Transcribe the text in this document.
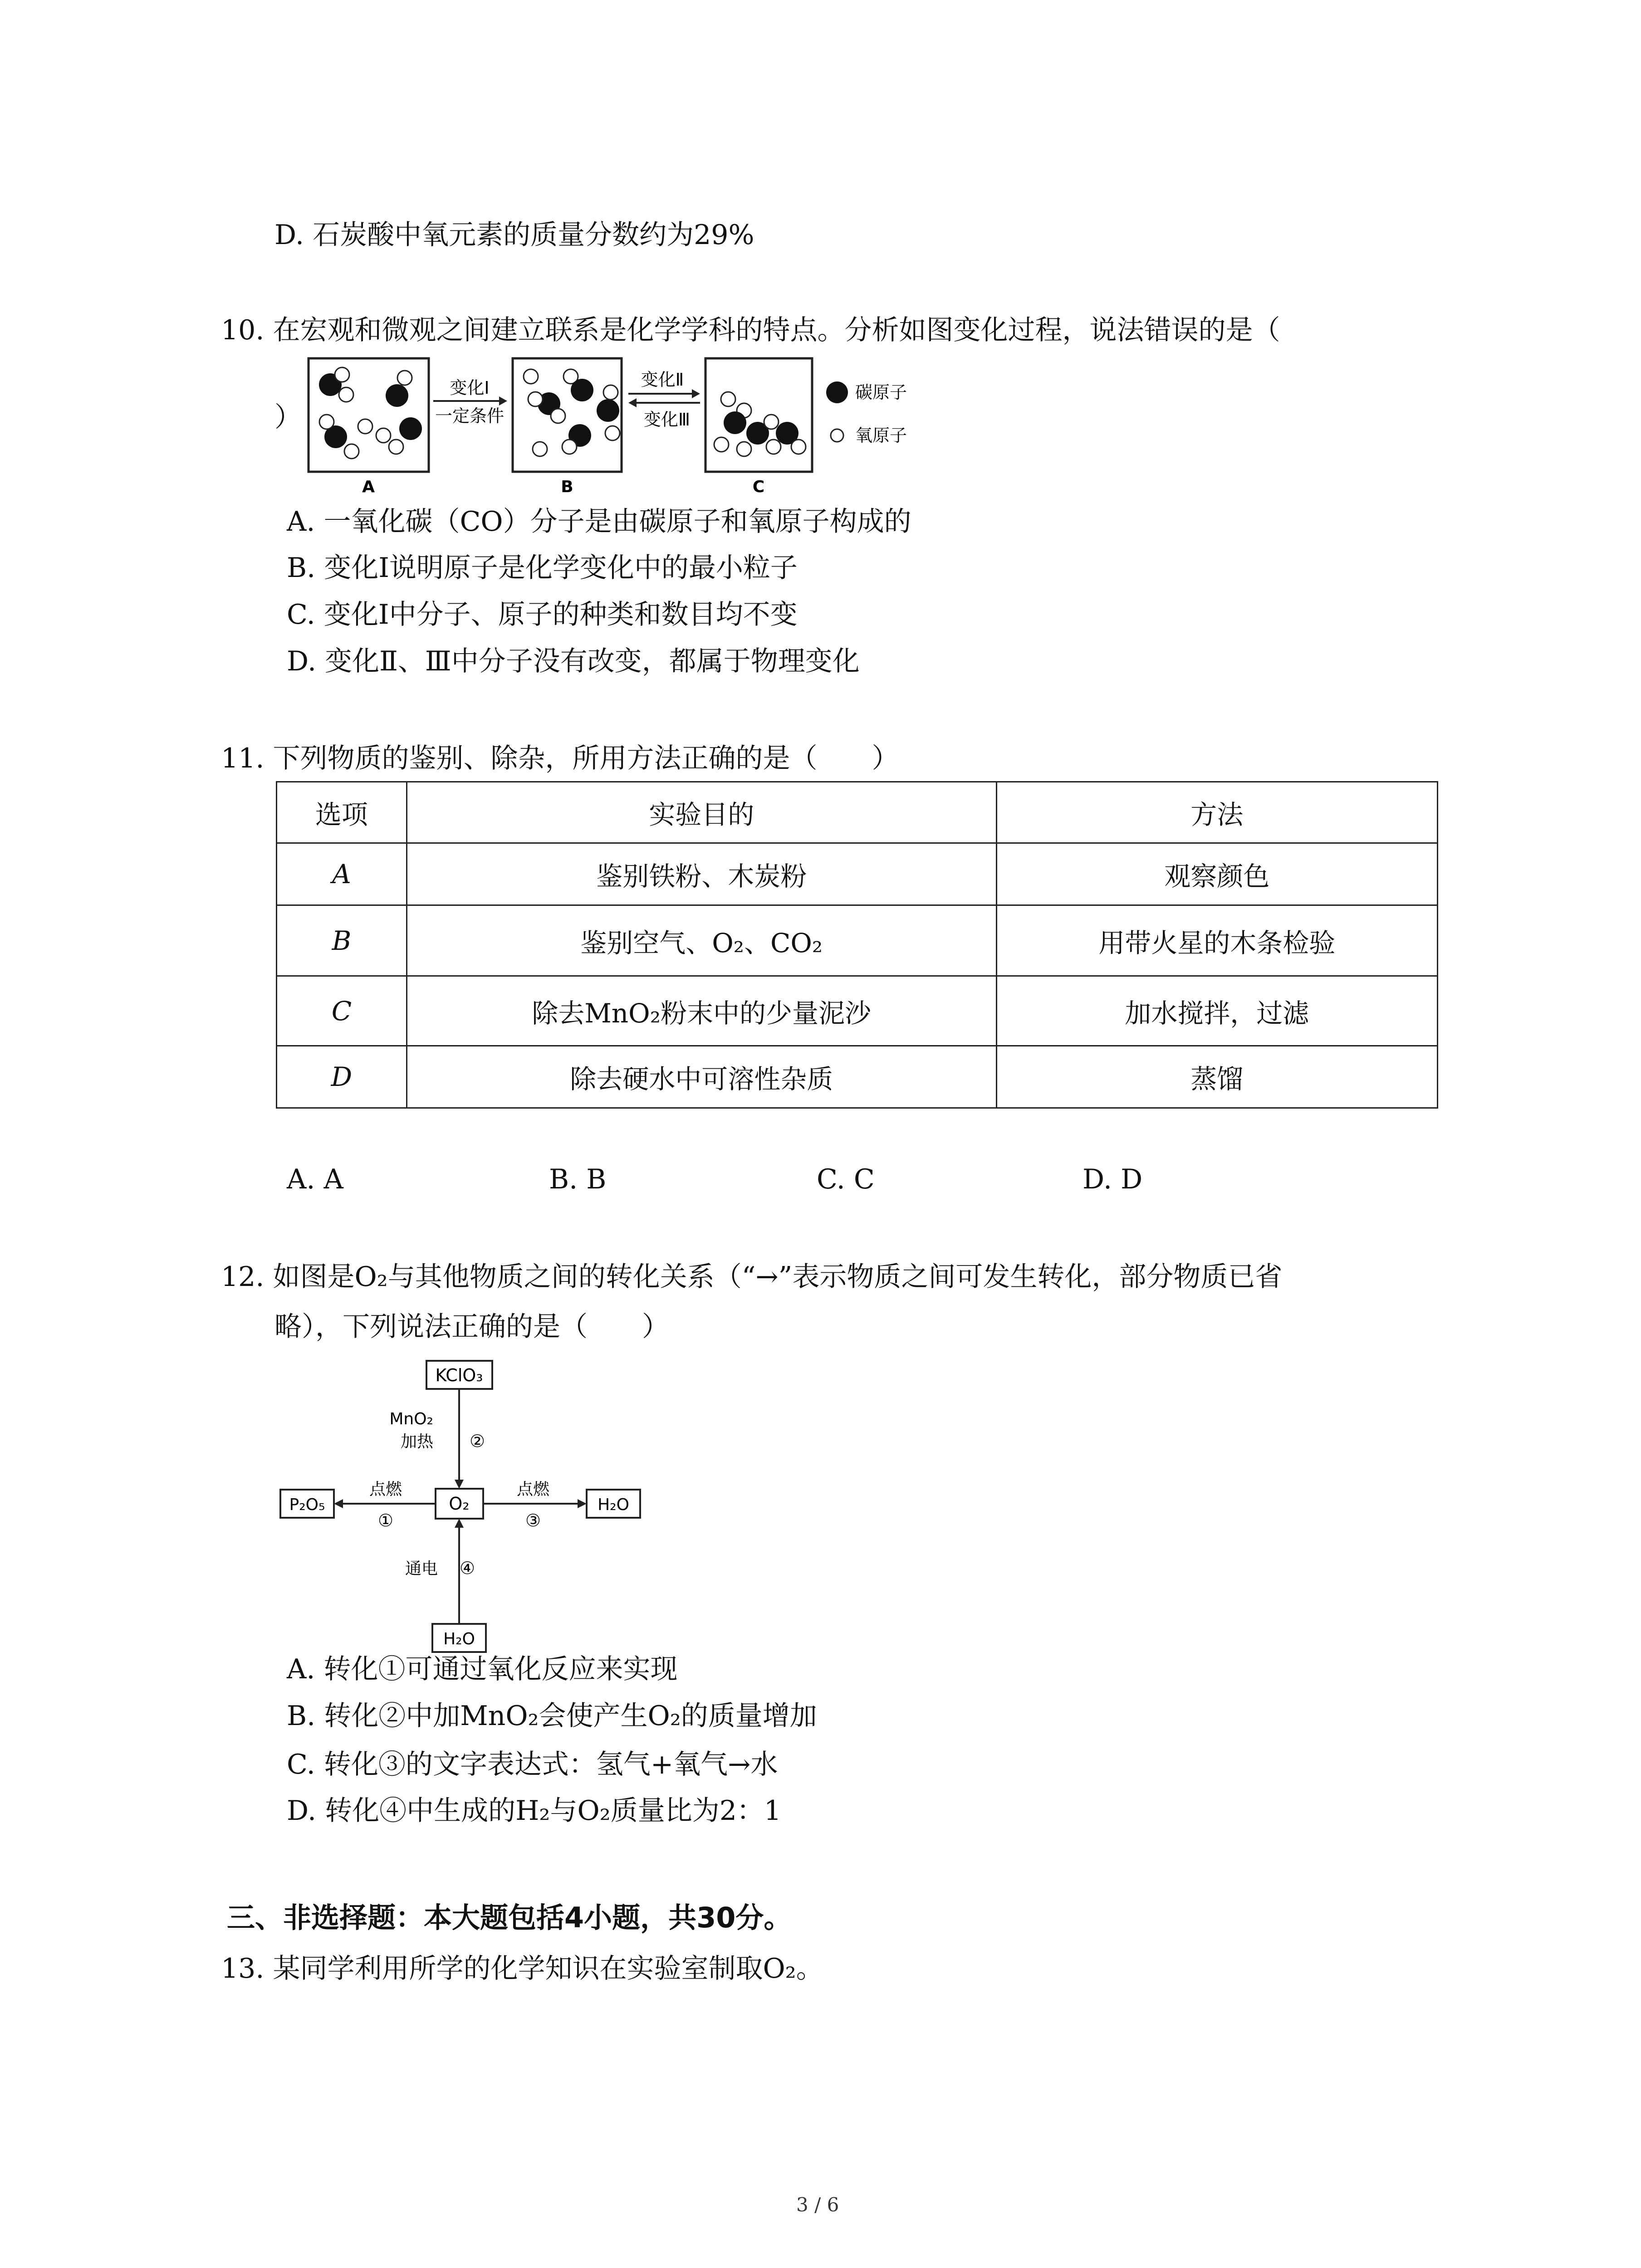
D. 石炭酸中氧元素的质量分数约为29%
10. 在宏观和微观之间建立联系是化学学科的特点。分析如图变化过程，说法错误的是（
）
A
变化Ⅰ
一定条件
B
变化Ⅱ
变化Ⅲ
C
碳原子
氧原子
A. 一氧化碳（CO）分子是由碳原子和氧原子构成的
B. 变化Ⅰ说明原子是化学变化中的最小粒子
C. 变化Ⅰ中分子、原子的种类和数目均不变
D. 变化Ⅱ、Ⅲ中分子没有改变，都属于物理变化
11. 下列物质的鉴别、除杂，所用方法正确的是（　　）
选项	实验目的	方法
A	鉴别铁粉、木炭粉	观察颜色
B	鉴别空气、O₂、CO₂	用带火星的木条检验
C	除去MnO₂粉末中的少量泥沙	加水搅拌，过滤
D	除去硬水中可溶性杂质	蒸馏
A. A	B. B	C. C	D. D
12. 如图是O₂与其他物质之间的转化关系（“→”表示物质之间可发生转化，部分物质已省
略），下列说法正确的是（　　）
KClO₃
MnO₂
加热 ②
O₂
P₂O₅
点燃
①
H₂O
点燃
③
H₂O
通电 ④
A. 转化①可通过氧化反应来实现
B. 转化②中加MnO₂会使产生O₂的质量增加
C. 转化③的文字表达式：氢气+氧气→水
D. 转化④中生成的H₂与O₂质量比为2：1
三、非选择题：本大题包括4小题，共30分。
13. 某同学利用所学的化学知识在实验室制取O₂。
3 / 6
